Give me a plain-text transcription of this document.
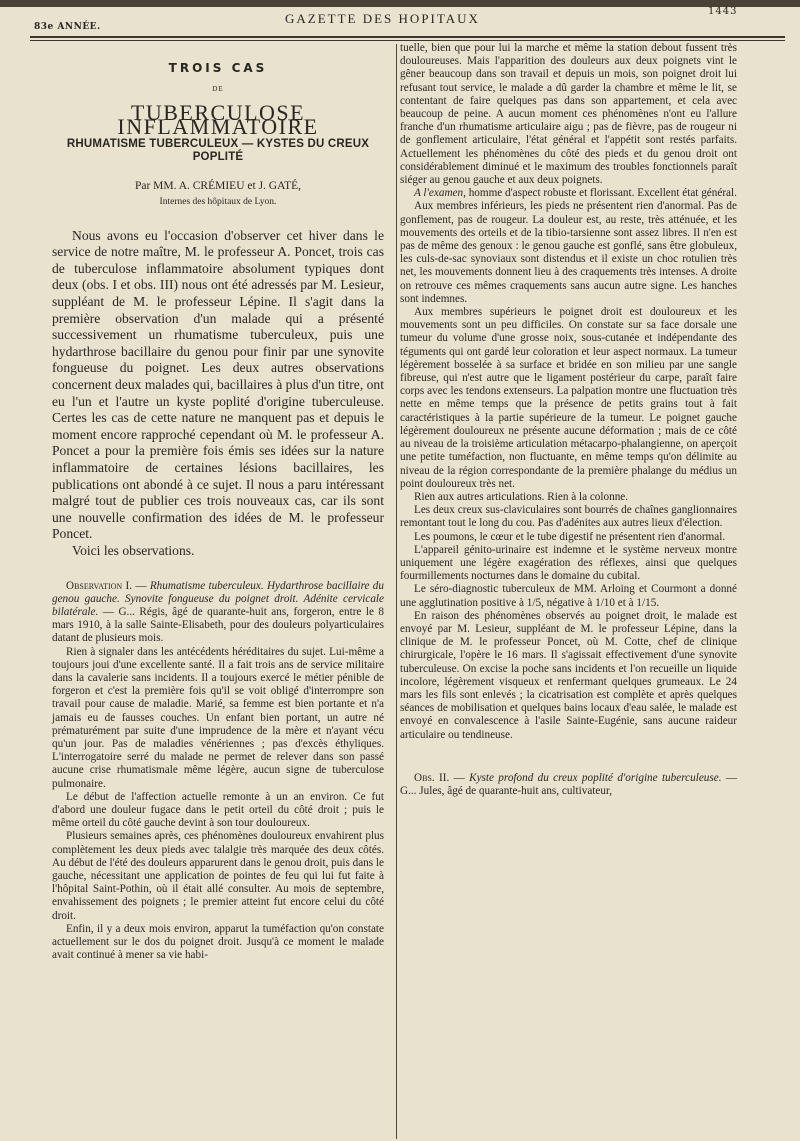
83e ANNÉE.
GAZETTE DES HOPITAUX	1443
TROIS CAS
DE
TUBERCULOSE INFLAMMATOIRE
RHUMATISME TUBERCULEUX — KYSTES DU CREUX POPLITÉ
Par MM. A. CRÉMIEU et J. GATÉ,
Internes des hôpitaux de Lyon.

Nous avons eu l'occasion d'observer cet hiver dans le service de notre maître, M. le professeur A. Poncet, trois cas de tuberculose inflammatoire absolument typiques dont deux (obs. I et obs. III) nous ont été adressés par M. Lesieur, suppléant de M. le professeur Lépine. Il s'agit dans la première observation d'un malade qui a présenté successivement un rhumatisme tuberculeux, puis une hydarthrose bacillaire du genou pour finir par une synovite fongueuse du poignet. Les deux autres observations concernent deux malades qui, bacillaires à plus d'un titre, ont eu l'un et l'autre un kyste poplité d'origine tuberculeuse. Certes les cas de cette nature ne manquent pas et depuis le moment encore rapproché cependant où M. le professeur A. Poncet a pour la première fois émis ses idées sur la nature inflammatoire de certaines lésions bacillaires, les publications ont abondé à ce sujet. Il nous a paru intéressant malgré tout de publier ces trois nouveaux cas, car ils sont une nouvelle confirmation des idées de M. le professeur Poncet.

Voici les observations.

Observation I. — Rhumatisme tuberculeux. Hydarthrose bacillaire du genou gauche. Synovite fongueuse du poignet droit. Adénite cervicale bilatérale. — G... Régis, âgé de quarante-huit ans, forgeron, entre le 8 mars 1910, à la salle Sainte-Elisabeth, pour des douleurs polyarticulaires datant de plusieurs mois.

Rien à signaler dans les antécédents héréditaires du sujet. Lui-même a toujours joui d'une excellente santé. Il a fait trois ans de service militaire dans la cavalerie sans incidents. Il a toujours exercé le métier pénible de forgeron et c'est la première fois qu'il se voit obligé d'interrompre son travail pour cause de maladie. Marié, sa femme est bien portante et n'a jamais eu de fausses couches. Un enfant bien portant, un autre né prématurément par suite d'une imprudence de la mère et n'ayant vécu qu'un jour. Pas de maladies vénériennes ; pas d'excès éthyliques. L'interrogatoire serré du malade ne permet de relever dans son passé aucune crise rhumatismale même légère, aucun signe de tuberculose pulmonaire.

Le début de l'affection actuelle remonte à un an environ. Ce fut d'abord une douleur fugace dans le petit orteil du côté droit ; puis le même orteil du côté gauche devint à son tour douloureux.

Plusieurs semaines après, ces phénomènes douloureux envahirent plus complètement les deux pieds avec talalgie très marquée des deux côtés. Au début de l'été des douleurs apparurent dans le genou droit, puis dans le gauche, nécessitant une application de pointes de feu qui lui fut faite à l'hôpital Saint-Pothin, où il était allé consulter. Au mois de septembre, envahissement des poignets ; le premier atteint fut encore celui du côté droit.

Enfin, il y a deux mois environ, apparut la tuméfaction qu'on constate actuellement sur le dos du poignet droit. Jusqu'à ce moment le malade avait continué à mener sa vie habi-

tuelle, bien que pour lui la marche et même la station debout fussent très douloureuses. Mais l'apparition des douleurs aux deux poignets vint le gêner beaucoup dans son travail et depuis un mois, son poignet droit lui refusant tout service, le malade a dû garder la chambre et même le lit, se contentant de faire quelques pas dans son appartement, et cela avec beaucoup de peine. A aucun moment ces phénomènes n'ont eu l'allure franche d'un rhumatisme articulaire aigu ; pas de fièvre, pas de rougeur ni de gonflement articulaire, l'état général et l'appétit sont restés parfaits. Actuellement les phénomènes du côté des pieds et du genou droit ont considérablement diminué et le maximum des troubles fonctionnels paraît siéger au genou gauche et aux deux poignets.

A l'examen, homme d'aspect robuste et florissant. Excellent état général.

Aux membres inférieurs, les pieds ne présentent rien d'anormal. Pas de gonflement, pas de rougeur. La douleur est, au reste, très atténuée, et les mouvements des orteils et de la tibio-tarsienne sont assez libres. Il n'en est pas de même des genoux : le genou gauche est gonflé, sans être globuleux, les culs-de-sac synoviaux sont distendus et il existe un choc rotulien très net, les mouvements donnent lieu à des craquements très intenses. A droite on retrouve ces mêmes craquements sans aucun autre signe. Les hanches sont indemnes.

Aux membres supérieurs le poignet droit est douloureux et les mouvements sont un peu difficiles. On constate sur sa face dorsale une tumeur du volume d'une grosse noix, sous-cutanée et indépendante des téguments qui ont gardé leur coloration et leur aspect normaux. La tumeur légèrement bosselée à sa surface et bridée en son milieu par une sangle fibreuse, qui n'est autre que le ligament postérieur du carpe, paraît faire corps avec les tendons extenseurs. La palpation montre une fluctuation très nette en même temps que la présence de petits grains tout à fait caractéristiques à la partie supérieure de la tumeur. Le poignet gauche légèrement douloureux ne présente aucune déformation ; mais de ce côté au niveau de la troisième articulation métacarpo-phalangienne, on aperçoit une petite tuméfaction, non fluctuante, en même temps qu'on délimite au niveau de la région correspondante de la première phalange du médius un point douloureux très net.

Rien aux autres articulations. Rien à la colonne.

Les deux creux sus-claviculaires sont bourrés de chaînes ganglionnaires remontant tout le long du cou. Pas d'adénites aux autres lieux d'élection.

Les poumons, le cœur et le tube digestif ne présentent rien d'anormal.

L'appareil génito-urinaire est indemne et le système nerveux montre uniquement une légère exagération des réflexes, ainsi que quelques fourmillements nocturnes dans le domaine du cubital.

Le séro-diagnostic tuberculeux de MM. Arloing et Courmont a donné une agglutination positive à 1/5, négative à 1/10 et à 1/15.

En raison des phénomènes observés au poignet droit, le malade est envoyé par M. Lesieur, suppléant de M. le professeur Lépine, dans la clinique de M. le professeur Poncet, où M. Cotte, chef de clinique chirurgicale, l'opère le 16 mars. Il s'agissait effectivement d'une synovite tuberculeuse. On excise la poche sans incidents et l'on recueille un liquide incolore, légèrement visqueux et renfermant quelques grumeaux. Le 24 mars les fils sont enlevés ; la cicatrisation est complète et après quelques séances de mobilisation et quelques bains locaux d'eau salée, le malade est envoyé en convalescence à l'asile Sainte-Eugénie, sans aucune raideur articulaire ou tendineuse.

Obs. II. — Kyste profond du creux poplité d'origine tuberculeuse. — G... Jules, âgé de quarante-huit ans, cultivateur,
